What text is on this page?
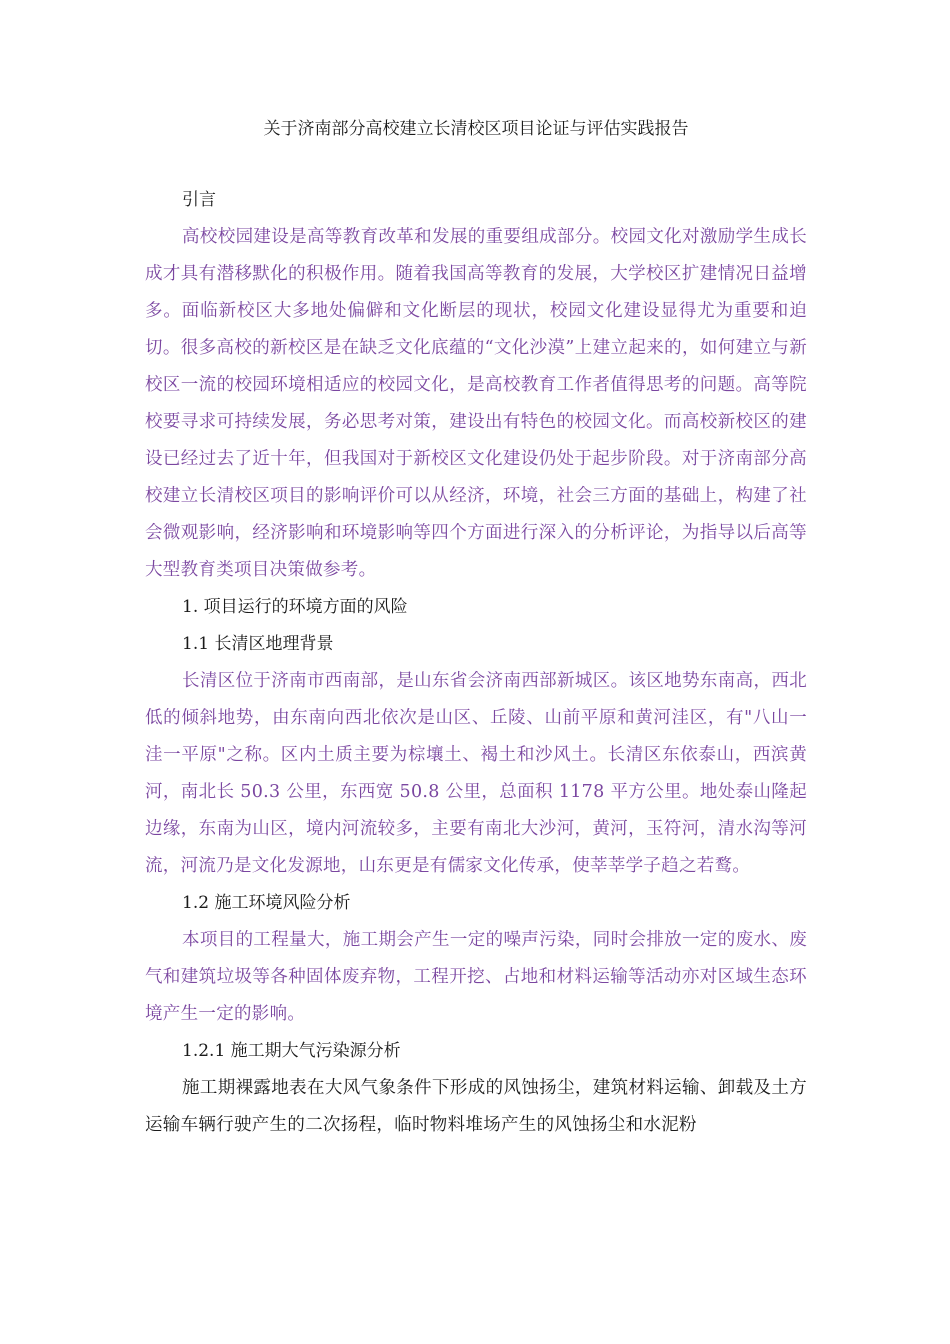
关于济南部分高校建立长清校区项目论证与评估实践报告

引言

高校校园建设是高等教育改革和发展的重要组成部分。校园文化对激励学生成长成才具有潜移默化的积极作用。随着我国高等教育的发展，大学校区扩建情况日益增多。面临新校区大多地处偏僻和文化断层的现状，校园文化建设显得尤为重要和迫切。很多高校的新校区是在缺乏文化底蕴的“文化沙漠”上建立起来的，如何建立与新校区一流的校园环境相适应的校园文化，是高校教育工作者值得思考的问题。高等院校要寻求可持续发展，务必思考对策，建设出有特色的校园文化。而高校新校区的建设已经过去了近十年，但我国对于新校区文化建设仍处于起步阶段。对于济南部分高校建立长清校区项目的影响评价可以从经济，环境，社会三方面的基础上，构建了社会微观影响，经济影响和环境影响等四个方面进行深入的分析评论，为指导以后高等大型教育类项目决策做参考。

1. 项目运行的环境方面的风险

1.1 长清区地理背景

长清区位于济南市西南部，是山东省会济南西部新城区。该区地势东南高，西北低的倾斜地势，由东南向西北依次是山区、丘陵、山前平原和黄河洼区，有"八山一洼一平原"之称。区内土质主要为棕壤土、褐土和沙风土。长清区东依泰山，西滨黄河，南北长 50.3 公里，东西宽 50.8 公里，总面积 1178 平方公里。地处泰山隆起边缘，东南为山区，境内河流较多，主要有南北大沙河，黄河，玉符河，清水沟等河流，河流乃是文化发源地，山东更是有儒家文化传承，使莘莘学子趋之若鹜。

1.2 施工环境风险分析

本项目的工程量大，施工期会产生一定的噪声污染，同时会排放一定的废水、废气和建筑垃圾等各种固体废弃物，工程开挖、占地和材料运输等活动亦对区域生态环境产生一定的影响。

1.2.1 施工期大气污染源分析

施工期裸露地表在大风气象条件下形成的风蚀扬尘，建筑材料运输、卸载及土方运输车辆行驶产生的二次扬程，临时物料堆场产生的风蚀扬尘和水泥粉
